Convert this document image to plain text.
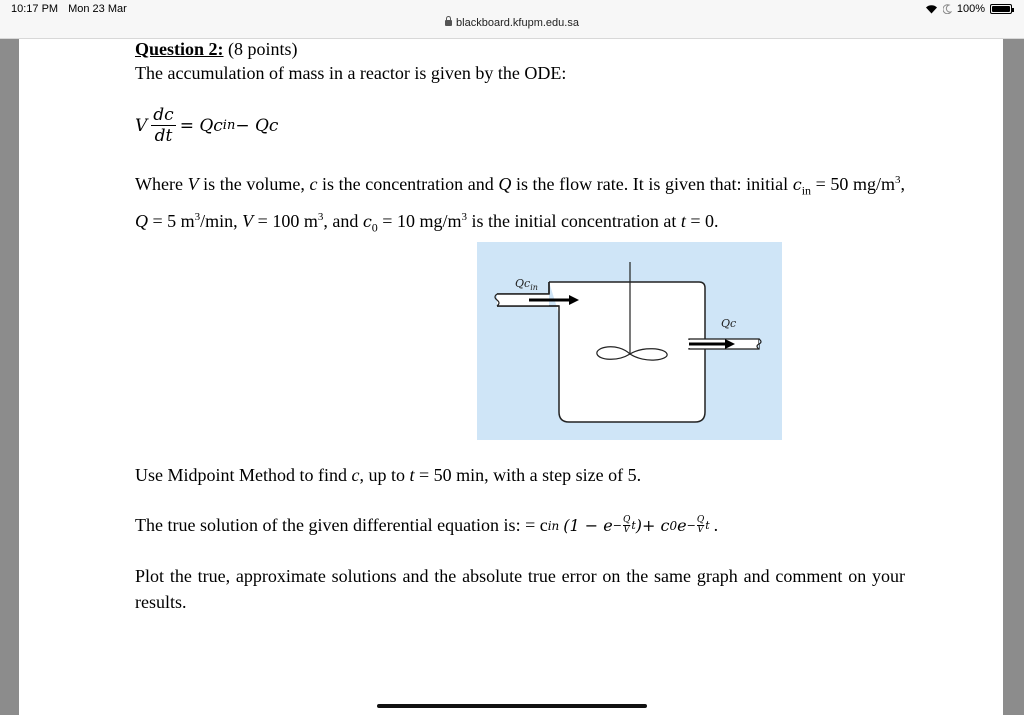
10:17 PM Mon 23 Mar
blackboard.kfupm.edu.sa
100%
Question 2: (8 points)
The accumulation of mass in a reactor is given by the ODE:
V $\frac{dc}{dt} = Qc$ in − Qc
Where V is the volume, c is the concentration and Q is the flow rate. It is given that: initial $c_{in} = 50$ $mg/m^3$, Q = 5 $m^3/\min$, V = 100 $m^3$, and $c_0 = 10$ $mg/m^3$ is the initial concentration at t = 0.
$Qc_{in}$
Qc
Use Midpoint Method to find c, up to t = 50 min, with a step size of 5.
The true solution of the given differential equation is: = c in ($1 - e - \frac{Q}{V}$ t ) + c 0 $e - \frac{Q}{V}$ t .
Plot the true, approximate solutions and the absolute true error on the same graph and comment on your results.
